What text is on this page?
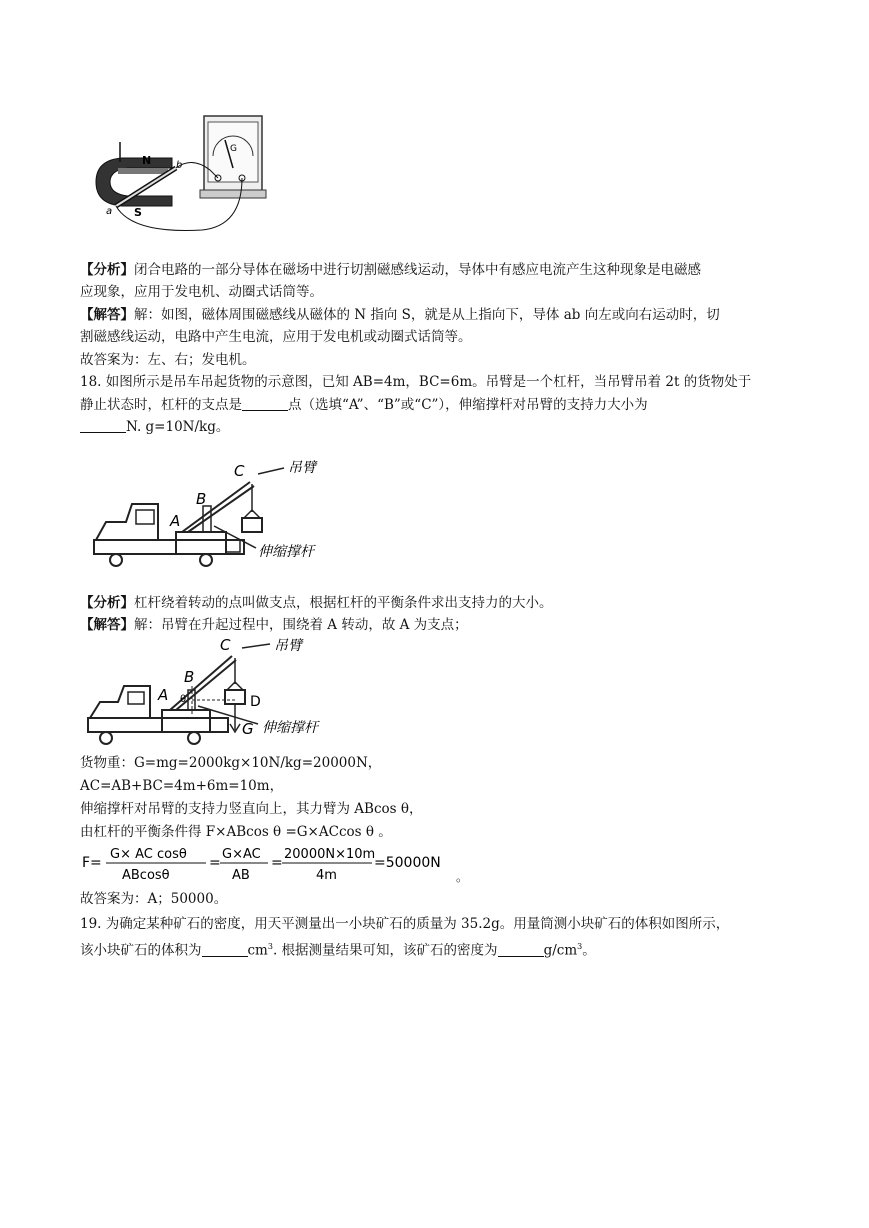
G
N
S
a
b
【分析】闭合电路的一部分导体在磁场中进行切割磁感线运动，导体中有感应电流产生这种现象是电磁感
应现象，应用于发电机、动圈式话筒等。
【解答】解：如图，磁体周围磁感线从磁体的 N 指向 S，就是从上指向下，导体 ab 向左或向右运动时，切
割磁感线运动，电路中产生电流，应用于发电机或动圈式话筒等。
故答案为：左、右；发电机。
18. 如图所示是吊车吊起货物的示意图，已知 AB=4m，BC=6m。吊臂是一个杠杆，当吊臂吊着 2t 的货物处于
静止状态时，杠杆的支点是	点（选填“A”、“B”或“C”），伸缩撑杆对吊臂的支持力大小为
N. g=10N/kg。
C
B
A
吊臂
伸缩撑杆
【分析】杠杆绕着转动的点叫做支点，根据杠杆的平衡条件求出支持力的大小。
【解答】解：吊臂在升起过程中，围绕着 A 转动，故 A 为支点；
C
B
A θ	D
G
吊臂
伸缩撑杆
货物重：G=mg=2000kg×10N/kg=20000N，
AC=AB+BC=4m+6m=10m，
伸缩撑杆对吊臂的支持力竖直向上，其力臂为 ABcos θ，
由杠杆的平衡条件得 F×ABcos θ =G×ACcos θ 。
F=
G× AC cosθ
ABcosθ
=
G×AC
AB
=
20000N×10m
4m
=50000N
。
故答案为：A；50000。
19. 为确定某种矿石的密度，用天平测量出一小块矿石的质量为 35.2g。用量筒测小块矿石的体积如图所示，
该小块矿石的体积为	$cm^3$. 根据测量结果可知，该矿石的密度为	$g/cm^3$。
